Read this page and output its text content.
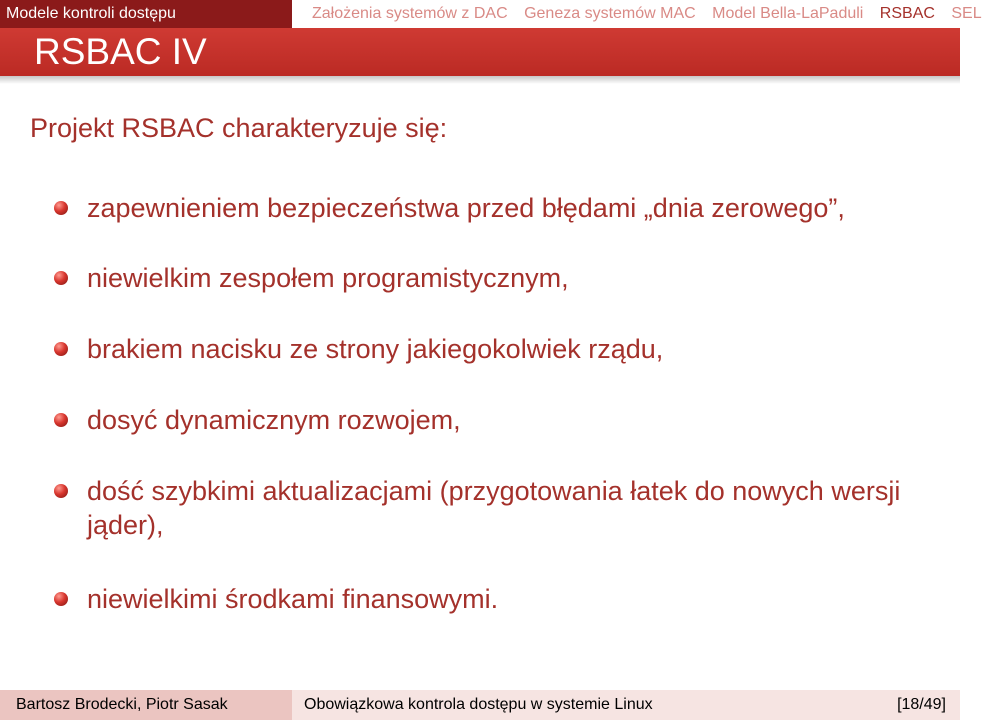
Modele kontroli dostępu	Założenia systemów z DAC Geneza systemów MAC Model Bella-LaPaduli RSBAC SEL
RSBAC IV
Projekt RSBAC charakteryzuje się:
zapewnieniem bezpieczeństwa przed błędami „dnia zerowego”,
niewielkim zespołem programistycznym,
brakiem nacisku ze strony jakiegokolwiek rządu,
dosyć dynamicznym rozwojem,
dość szybkimi aktualizacjami (przygotowania łatek do nowych wersji jąder),
niewielkimi środkami finansowymi.
Bartosz Brodecki, Piotr Sasak	Obowiązkowa kontrola dostępu w systemie Linux	[18/49]
